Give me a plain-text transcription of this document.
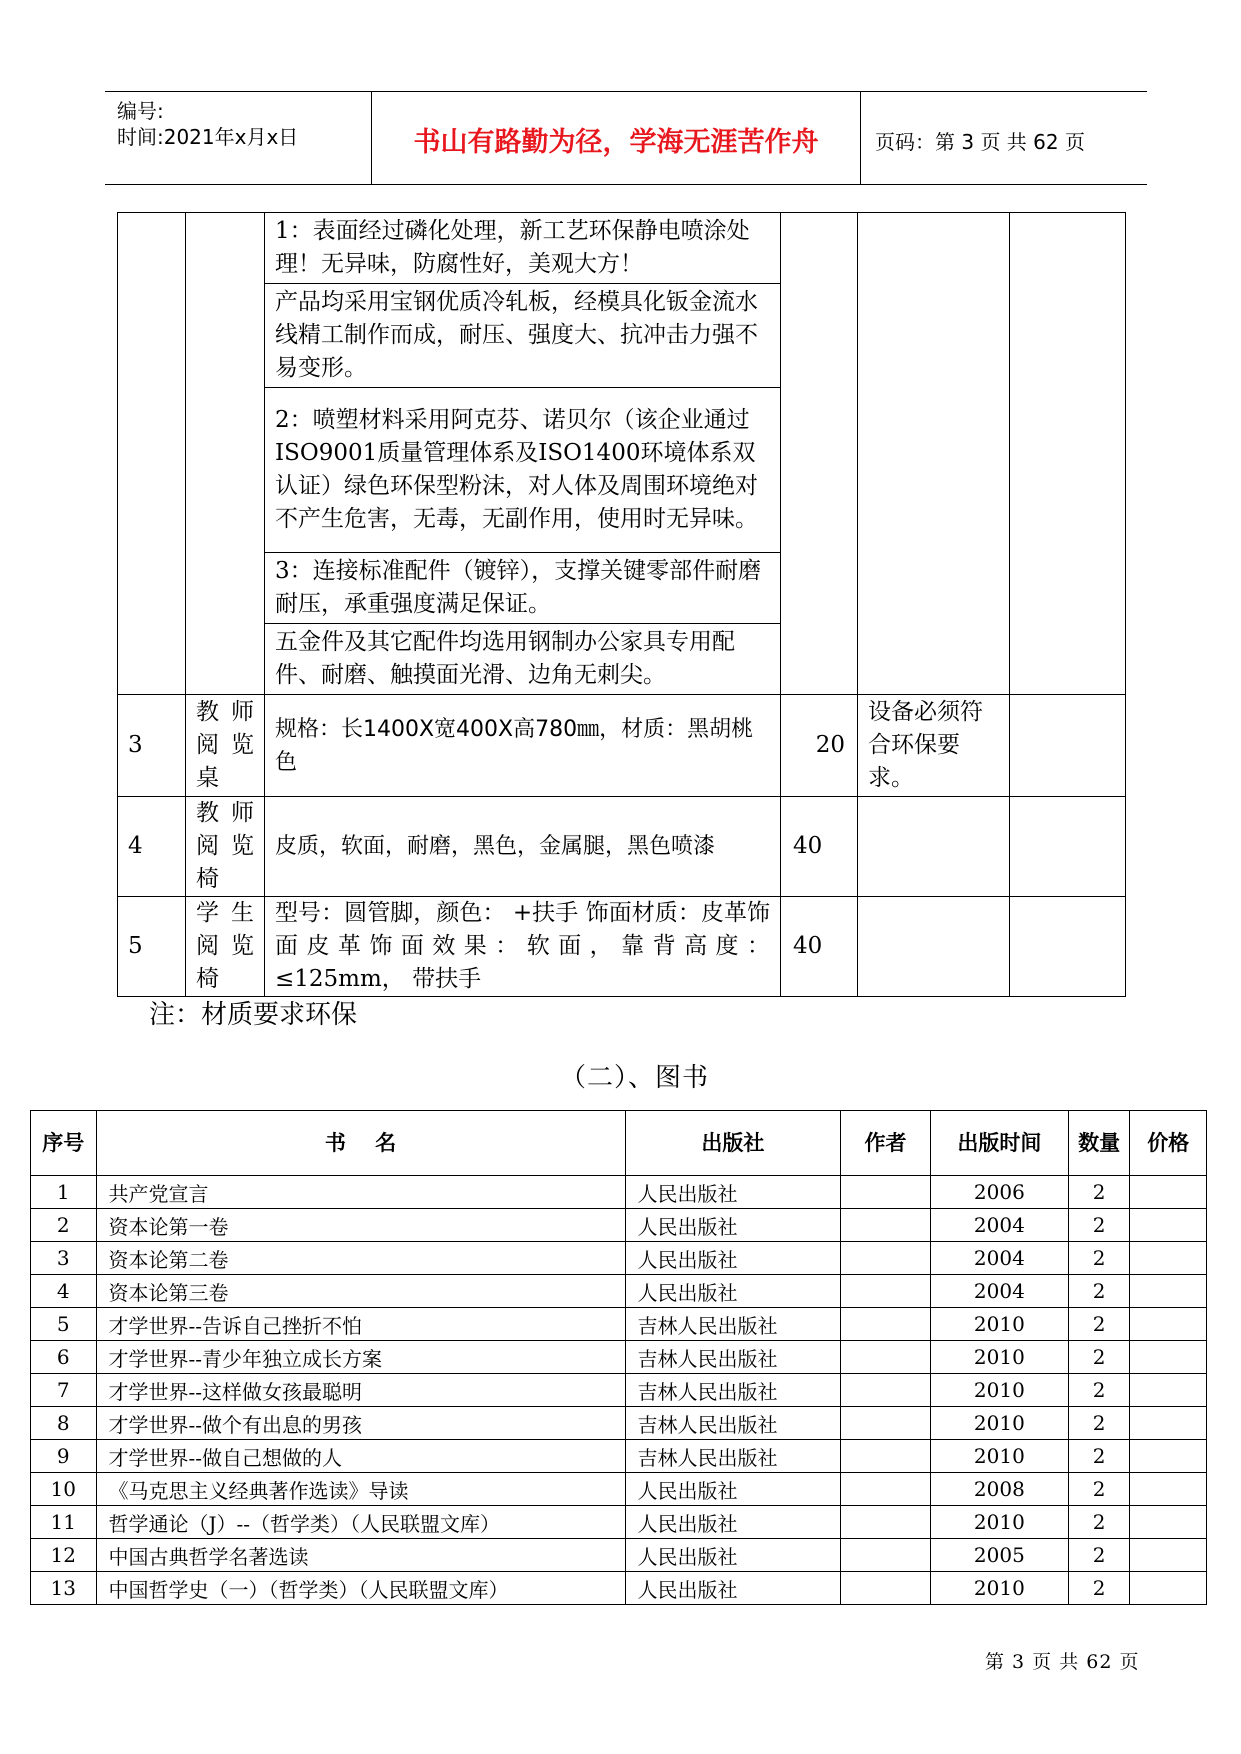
编号:
时间:2021年x月x日	书山有路勤为径，学海无涯苦作舟	页码：第 3 页 共 62 页

1：表面经过磷化处理，新工艺环保静电喷涂处理！无异味，防腐性好，美观大方！
产品均采用宝钢优质冷轧板，经模具化钣金流水线精工制作而成，耐压、强度大、抗冲击力强不易变形。
2：喷塑材料采用阿克芬、诺贝尔（该企业通过ISO9001质量管理体系及ISO1400环境体系双认证）绿色环保型粉沫，对人体及周围环境绝对不产生危害，无毒，无副作用，使用时无异味。
3：连接标准配件（镀锌），支撑关键零部件耐磨耐压，承重强度满足保证。
五金件及其它配件均选用钢制办公家具专用配件、耐磨、触摸面光滑、边角无刺尖。

3	教师阅览桌	规格：长1400X宽400X高780㎜，材质：黑胡桃色	20	设备必须符合环保要求。	
4	教师阅览椅	皮质，软面，耐磨，黑色，金属腿，黑色喷漆	40		
5	学生阅览椅	型号：圆管脚，颜色： +扶手 饰面材质：皮革饰面皮革饰面效果：软面，靠背高度：≤125mm， 带扶手	40		
注：材质要求环保
（二）、图书
序号	书    名	出版社	作者	出版时间	数量	价格
1	共产党宣言	人民出版社		2006	2	
2	资本论第一卷	人民出版社		2004	2	
3	资本论第二卷	人民出版社		2004	2	
4	资本论第三卷	人民出版社		2004	2	
5	才学世界--告诉自己挫折不怕	吉林人民出版社		2010	2	
6	才学世界--青少年独立成长方案	吉林人民出版社		2010	2	
7	才学世界--这样做女孩最聪明	吉林人民出版社		2010	2	
8	才学世界--做个有出息的男孩	吉林人民出版社		2010	2	
9	才学世界--做自己想做的人	吉林人民出版社		2010	2	
10	《马克思主义经典著作选读》导读	人民出版社		2008	2	
11	哲学通论（J）--（哲学类）（人民联盟文库）	人民出版社		2010	2	
12	中国古典哲学名著选读	人民出版社		2005	2	
13	中国哲学史（一）（哲学类）（人民联盟文库）	人民出版社		2010	2	
第 3 页 共 62 页
